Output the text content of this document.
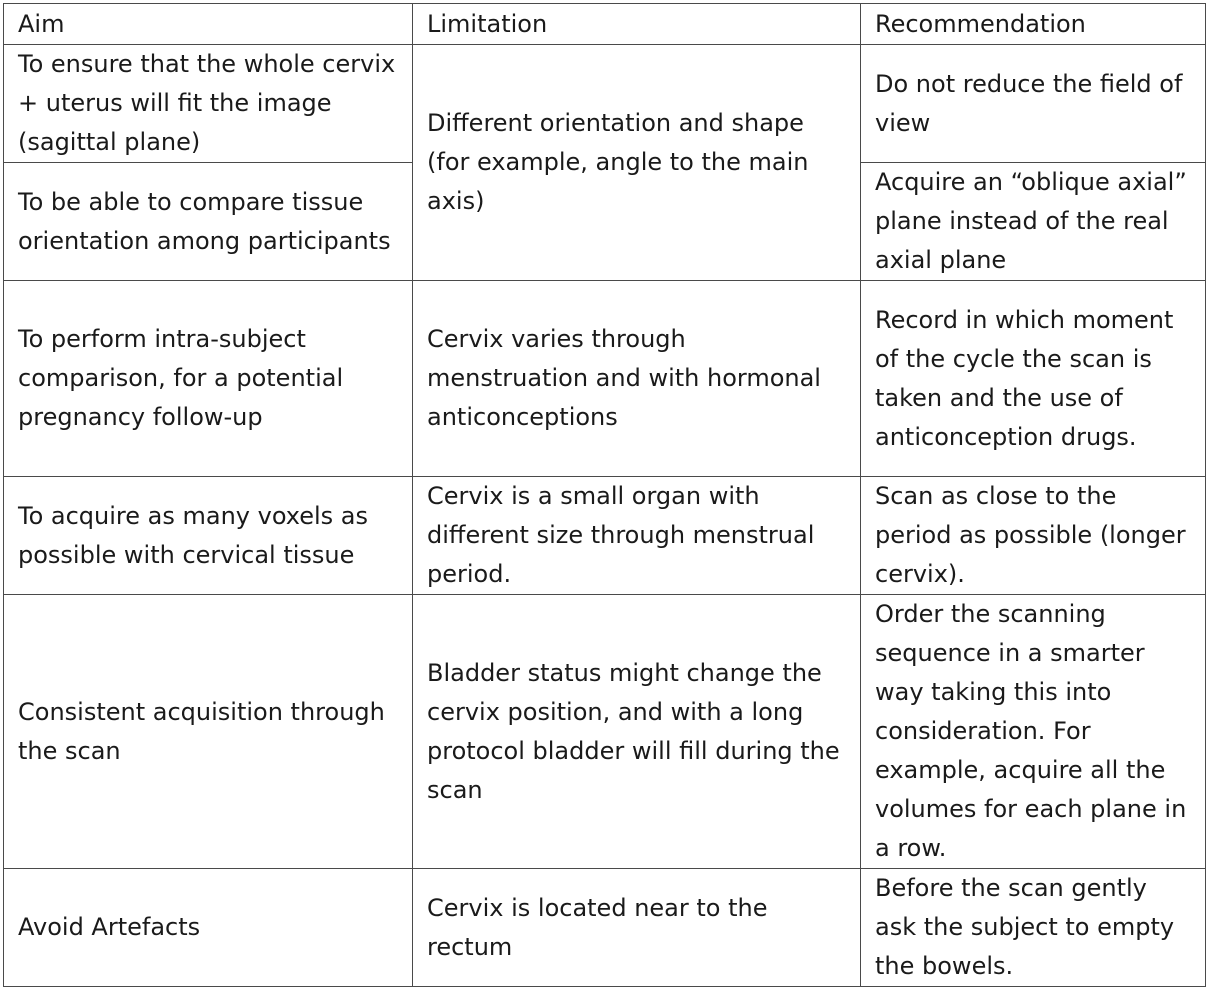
Aim	Limitation	Recommendation
To ensure that the whole cervix + uterus will fit the image (sagittal plane)	Different orientation and shape (for example, angle to the main axis)	Do not reduce the field of view
To be able to compare tissue orientation among participants		Acquire an “oblique axial” plane instead of the real axial plane
To perform intra-subject comparison, for a potential pregnancy follow-up	Cervix varies through menstruation and with hormonal anticonceptions	Record in which moment of the cycle the scan is taken and the use of anticonception drugs.
To acquire as many voxels as possible with cervical tissue	Cervix is a small organ with different size through menstrual period.	Scan as close to the period as possible (longer cervix).
Consistent acquisition through the scan	Bladder status might change the cervix position, and with a long protocol bladder will fill during the scan	Order the scanning sequence in a smarter way taking this into consideration. For example, acquire all the volumes for each plane in a row.
Avoid Artefacts	Cervix is located near to the rectum	Before the scan gently ask the subject to empty the bowels.
